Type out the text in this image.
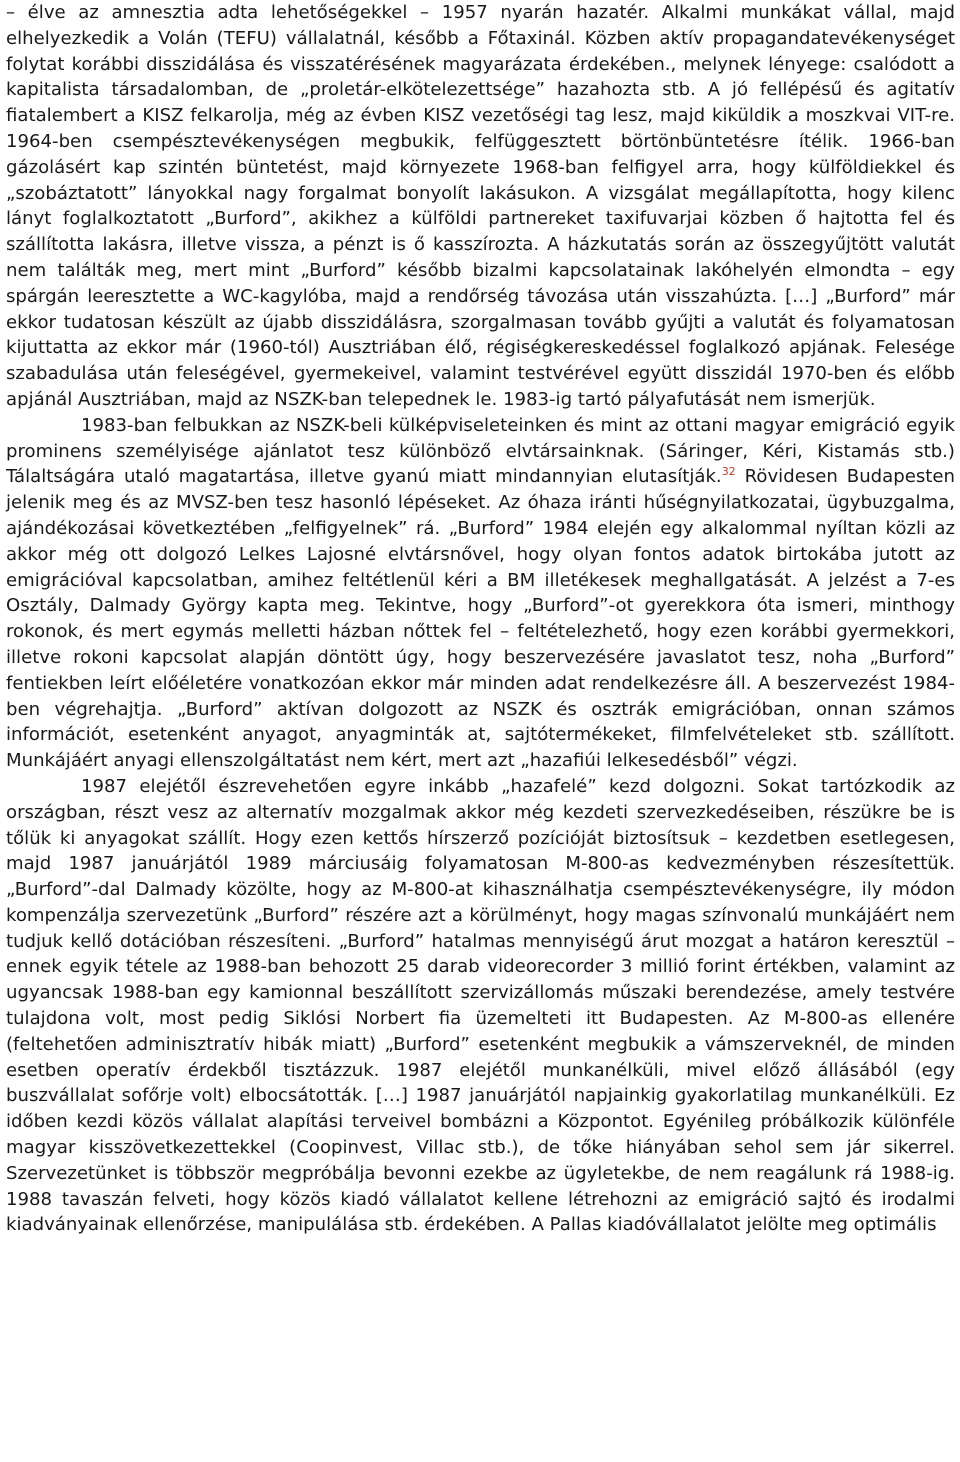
– élve az amnesztia adta lehetőségekkel – 1957 nyarán hazatér. Alkalmi munkákat vállal, majd elhelyezkedik a Volán (TEFU) vállalatnál, később a Főtaxinál. Közben aktív propagandatevékenységet folytat korábbi disszidálása és visszatérésének magyarázata érdekében., melynek lényege: csalódott a kapitalista társadalomban, de „proletár-elkötelezettsége” hazahozta stb. A jó fellépésű és agitatív fiatalembert a KISZ felkarolja, még az évben KISZ vezetőségi tag lesz, majd kiküldik a moszkvai VIT-re. 1964-ben csempésztevékenységen megbukik, felfüggesztett börtönbüntetésre ítélik. 1966-ban gázolásért kap szintén büntetést, majd környezete 1968-ban felfigyel arra, hogy külföldiekkel és „szobáztatott” lányokkal nagy forgalmat bonyolít lakásukon. A vizsgálat megállapította, hogy kilenc lányt foglalkoztatott „Burford”, akikhez a külföldi partnereket taxifuvarjai közben ő hajtotta fel és szállította lakásra, illetve vissza, a pénzt is ő kasszírozta. A házkutatás során az összegyűjtött valutát nem találták meg, mert mint „Burford” később bizalmi kapcsolatainak lakóhelyén elmondta – egy spárgán leeresztette a WC-kagylóba, majd a rendőrség távozása után visszahúzta. […] „Burford” már ekkor tudatosan készült az újabb disszidálásra, szorgalmasan tovább gyűjti a valutát és folyamatosan kijuttatta az ekkor már (1960-tól) Ausztriában élő, régiségkereskedéssel foglalkozó apjának. Felesége szabadulása után feleségével, gyermekeivel, valamint testvérével együtt disszidál 1970-ben és előbb apjánál Ausztriában, majd az NSZK-ban telepednek le. 1983-ig tartó pályafutását nem ismerjük.

1983-ban felbukkan az NSZK-beli külképviseleteinken és mint az ottani magyar emigráció egyik prominens személyisége ajánlatot tesz különböző elvtársainknak. (Sáringer, Kéri, Kistamás stb.) Tálaltságára utaló magatartása, illetve gyanú miatt mindannyian elutasítják.$^{32}$ Rövidesen Budapesten jelenik meg és az MVSZ-ben tesz hasonló lépéseket. Az óhaza iránti hűségnyilatkozatai, ügybuzgalma, ajándékozásai következtében „felfigyelnek” rá. „Burford” 1984 elején egy alkalommal nyíltan közli az akkor még ott dolgozó Lelkes Lajosné elvtársnővel, hogy olyan fontos adatok birtokába jutott az emigrációval kapcsolatban, amihez feltétlenül kéri a BM illetékesek meghallgatását. A jelzést a 7-es Osztály, Dalmady György kapta meg. Tekintve, hogy „Burford”-ot gyerekkora óta ismeri, minthogy rokonok, és mert egymás melletti házban nőttek fel – feltételezhető, hogy ezen korábbi gyermekkori, illetve rokoni kapcsolat alapján döntött úgy, hogy beszervezésére javaslatot tesz, noha „Burford” fentiekben leírt előéletére vonatkozóan ekkor már minden adat rendelkezésre áll. A beszervezést 1984-ben végrehajtja. „Burford” aktívan dolgozott az NSZK és osztrák emigrációban, onnan számos információt, esetenként anyagot, anyagminták at, sajtótermékeket, filmfelvételeket stb. szállított. Munkájáért anyagi ellenszolgáltatást nem kért, mert azt „hazafiúi lelkesedésből” végzi.

1987 elejétől észrevehetően egyre inkább „hazafelé” kezd dolgozni. Sokat tartózkodik az országban, részt vesz az alternatív mozgalmak akkor még kezdeti szervezkedéseiben, részükre be is tőlük ki anyagokat szállít. Hogy ezen kettős hírszerző pozícióját biztosítsuk – kezdetben esetlegesen, majd 1987 januárjától 1989 márciusáig folyamatosan M-800-as kedvezményben részesítettük. „Burford”-dal Dalmady közölte, hogy az M-800-at kihasználhatja csempésztevékenységre, ily módon kompenzálja szervezetünk „Burford” részére azt a körülményt, hogy magas színvonalú munkájáért nem tudjuk kellő dotációban részesíteni. „Burford” hatalmas mennyiségű árut mozgat a határon keresztül – ennek egyik tétele az 1988-ban behozott 25 darab videorecorder 3 millió forint értékben, valamint az ugyancsak 1988-ban egy kamionnal beszállított szervizállomás műszaki berendezése, amely testvére tulajdona volt, most pedig Siklósi Norbert fia üzemelteti itt Budapesten. Az M-800-as ellenére (feltehetően adminisztratív hibák miatt) „Burford” esetenként megbukik a vámszerveknél, de minden esetben operatív érdekből tisztázzuk. 1987 elejétől munkanélküli, mivel előző állásából (egy buszvállalat sofőrje volt) elbocsátották. […] 1987 januárjától napjainkig gyakorlatilag munkanélküli. Ez időben kezdi közös vállalat alapítási terveivel bombázni a Központot. Egyénileg próbálkozik különféle magyar kisszövetkezettekkel (Coopinvest, Villac stb.), de tőke hiányában sehol sem jár sikerrel. Szervezetünket is többször megpróbálja bevonni ezekbe az ügyletekbe, de nem reagálunk rá 1988-ig. 1988 tavaszán felveti, hogy közös kiadó vállalatot kellene létrehozni az emigráció sajtó és irodalmi kiadványainak ellenőrzése, manipulálása stb. érdekében. A Pallas kiadóvállalatot jelölte meg optimális
